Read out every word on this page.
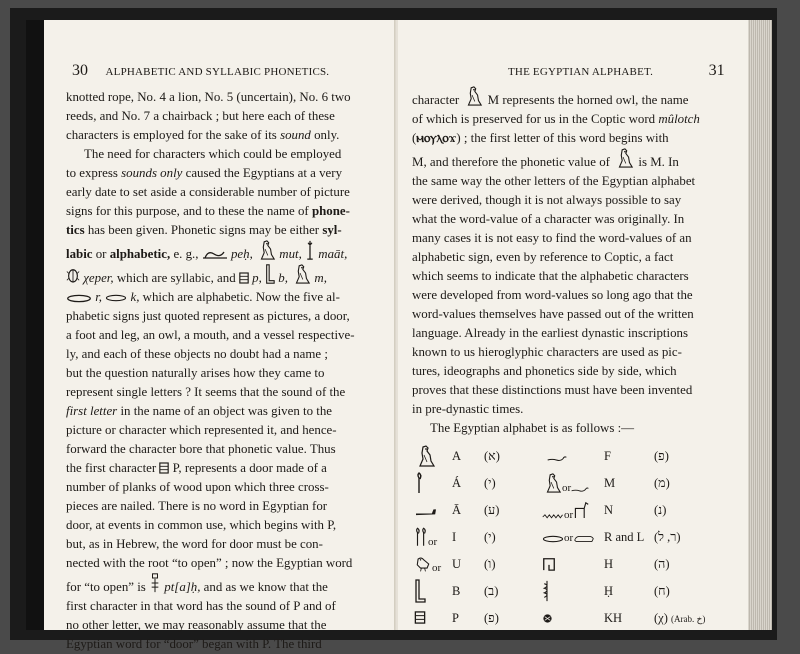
30 ALPHABETIC AND SYLLABIC PHONETICS.

knotted rope, No. 4 a lion, No. 5 (uncertain), No. 6 two

reeds, and No. 7 a chairback ; but here each of these

characters is employed for the sake of its sound only.

The need for characters which could be employed

to express sounds only caused the Egyptians at a very

early date to set aside a considerable number of picture

signs for this purpose, and to these the name of phone-

tics has been given. Phonetic signs may be either syl-

labic or alphabetic, e. g.,  peḥ,  mut,  maāt,

χeper, which are syllabic, and  p,  b,  m,

r,  k, which are alphabetic. Now the five al-

phabetic signs just quoted represent as pictures, a door,

a foot and leg, an owl, a mouth, and a vessel respective-

ly, and each of these objects no doubt had a name ;

but the question naturally arises how they came to

represent single letters ? It seems that the sound of the

first letter in the name of an object was given to the

picture or character which represented it, and hence-

forward the character bore that phonetic value. Thus

the first character  P, represents a door made of a

number of planks of wood upon which three cross-

pieces are nailed. There is no word in Egyptian for

door, at events in common use, which begins with P,

but, as in Hebrew, the word for door must be con-

nected with the root “to open” ; now the Egyptian word

for “to open” is  pt[a]ḥ, and as we know that the

first character in that word has the sound of P and of

no other letter, we may reasonably assume that the

Egyptian word for “door” began with P. The third

THE EGYPTIAN ALPHABET.	31

character  M represents the horned owl, the name

of which is preserved for us in the Coptic word mûlotch

(ⲙⲟⲩⲗⲟϫ) ; the first letter of this word begins with

M, and therefore the phonetic value of  is M. In

the same way the other letters of the Egyptian alphabet

were derived, though it is not always possible to say

what the word-value of a character was originally. In

many cases it is not easy to find the word-values of an

alphabetic sign, even by reference to Coptic, a fact

which seems to indicate that the alphabetic characters

were developed from word-values so long ago that the

word-values themselves have passed out of the written

language. Already in the earliest dynastic inscriptions

known to us hieroglyphic characters are used as pic-

tures, ideographs and phonetics side by side, which

proves that these distinctions must have been invented

in pre-dynastic times.

The Egyptian alphabet is as follows :—

	A	(א)		F	(פ)
	Á	(י)	or	M	(מ)
	Ā	(ע)	or	N	(נ)
or	I	(י)	or	R and L	(ר, ל)
or	U	(ו)		H	(ה)
	B	(ב)		Ḥ	(ח)
	P	(פ)		KH	(χ) (Arab. خ)
